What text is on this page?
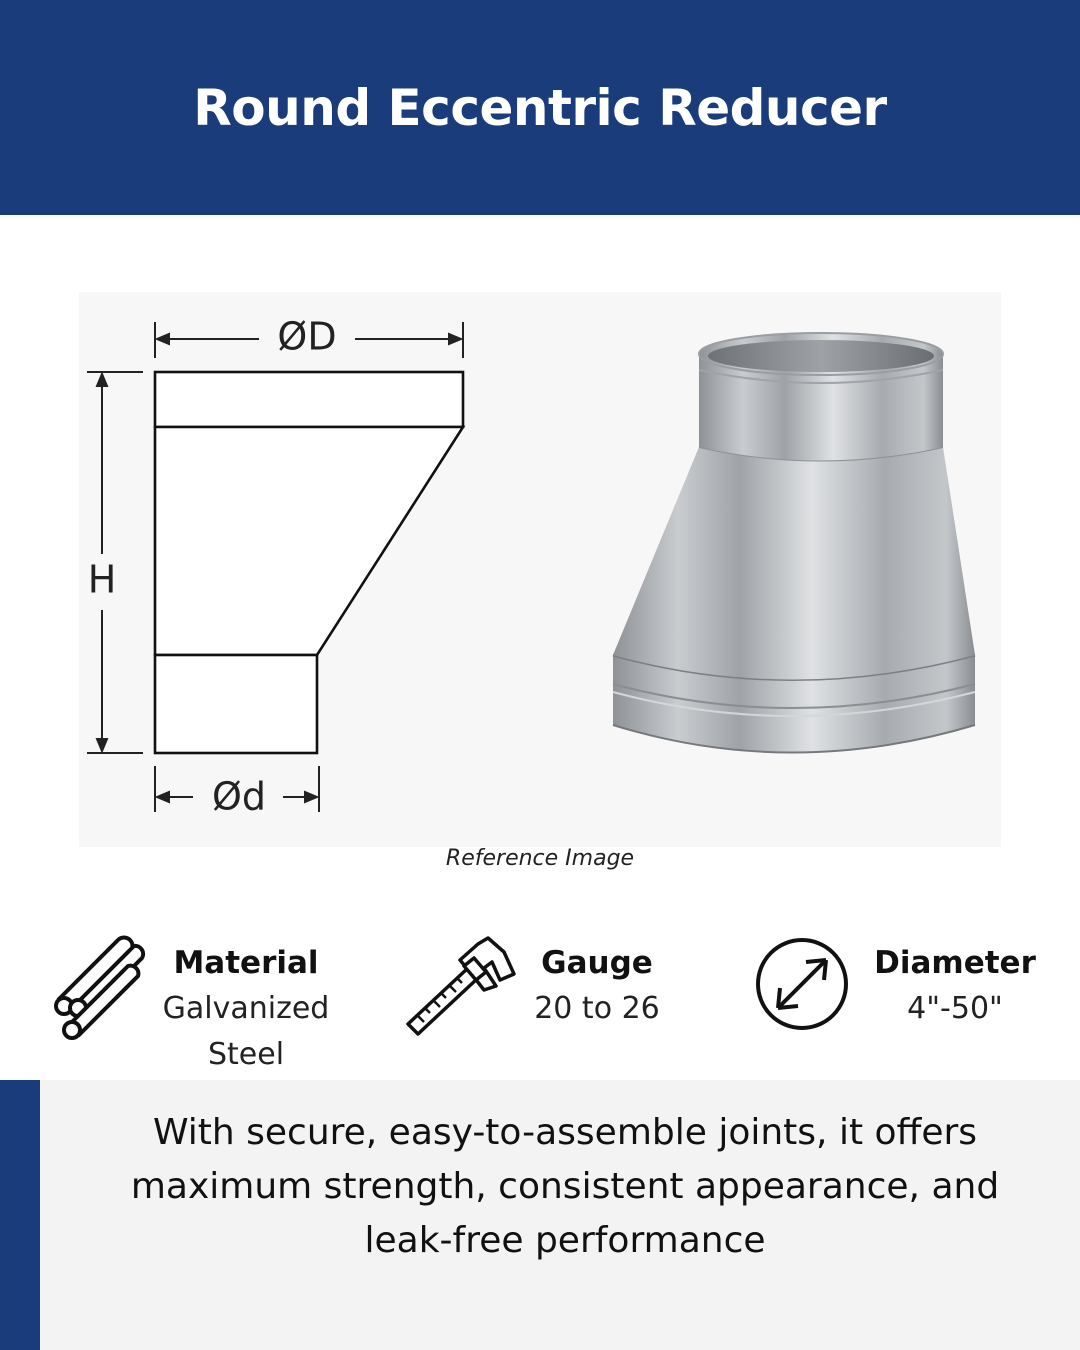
Round Eccentric Reducer
ØD
H
Ød
Reference Image
Material
Galvanized
Steel
Gauge
20 to 26
Diameter
4"-50"

With secure, easy-to-assemble joints, it offers
maximum strength, consistent appearance, and
leak-free performance
